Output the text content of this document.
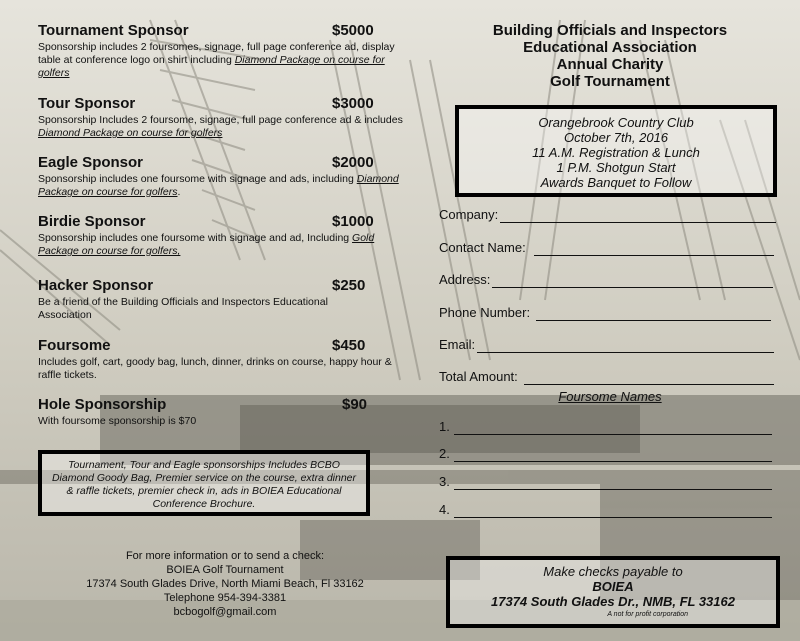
Tournament Sponsor	$5000
Sponsorship includes 2 foursomes, signage, full page conference ad, display table at conference logo on shirt including Diamond Package on course for golfers
Tour Sponsor	$3000
Sponsorship Includes 2 foursome, signage, full page conference ad & includes Diamond Package on course for golfers
Eagle Sponsor	$2000
Sponsorship includes one foursome with signage and ads, including Diamond Package on course for golfers.
Birdie Sponsor	$1000
Sponsorship includes one foursome with signage and ad, Including Gold Package on course for golfers,
Hacker Sponsor	$250
Be a friend of the Building Officials and Inspectors Educational Association
Foursome	$450
Includes golf, cart, goody bag, lunch, dinner, drinks on course, happy hour & raffle tickets.
Hole Sponsorship	$90
With foursome sponsorship is $70
Tournament, Tour and Eagle sponsorships Includes BCBO Diamond Goody Bag, Premier service on the course, extra dinner & raffle tickets, premier check in, ads in BOIEA Educational Conference Brochure.
For more information or to send a check:
BOIEA Golf Tournament
17374 South Glades Drive, North Miami Beach, Fl 33162
Telephone 954-394-3381
bcbogolf@gmail.com
Building Officials and Inspectors
Educational Association
Annual Charity
Golf Tournament
Orangebrook Country Club
October 7th, 2016
11 A.M. Registration & Lunch
1 P.M. Shotgun Start
Awards Banquet to Follow
Company:
Contact Name:
Address:
Phone Number:
Email:
Total Amount:
Foursome Names
1.
2.
3.
4.
Make checks payable to
BOIEA
17374 South Glades Dr., NMB, FL 33162
A not for profit corporation
